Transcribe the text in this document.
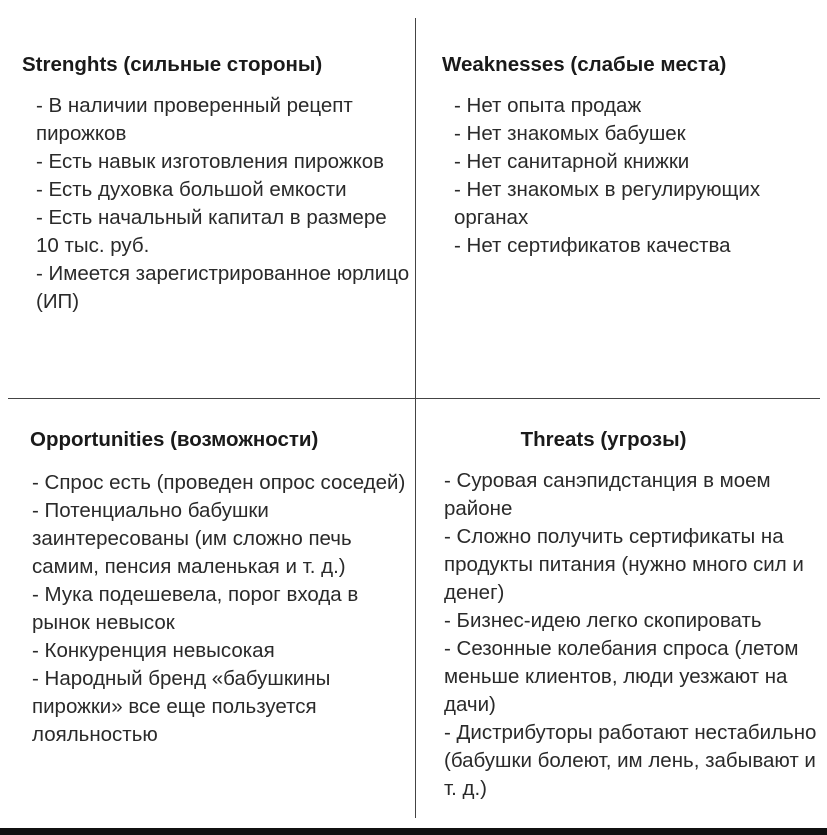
Strenghts (сильные стороны)
- В наличии проверенный рецепт пирожков
- Есть навык изготовления пирожков
- Есть духовка большой емкости
- Есть начальный капитал в размере 10 тыс. руб.
- Имеется зарегистрированное юрлицо (ИП)
Weaknesses (слабые места)
- Нет опыта продаж
- Нет знакомых бабушек
- Нет санитарной книжки
- Нет знакомых в регулирующих органах
- Нет сертификатов качества
Opportunities (возможности)
- Спрос есть (проведен опрос соседей)
- Потенциально бабушки заинтересованы (им сложно печь самим, пенсия маленькая и т. д.)
- Мука подешевела, порог входа в рынок невысок
- Конкуренция невысокая
- Народный бренд «бабушкины пирожки» все еще пользуется лояльностью
Threats (угрозы)
- Суровая санэпидстанция в моем районе
- Сложно получить сертификаты на продукты питания (нужно много сил и денег)
- Бизнес-идею легко скопировать
- Сезонные колебания спроса (летом меньше клиентов, люди уезжают на дачи)
- Дистрибуторы работают нестабильно (бабушки болеют, им лень, забывают и т. д.)
